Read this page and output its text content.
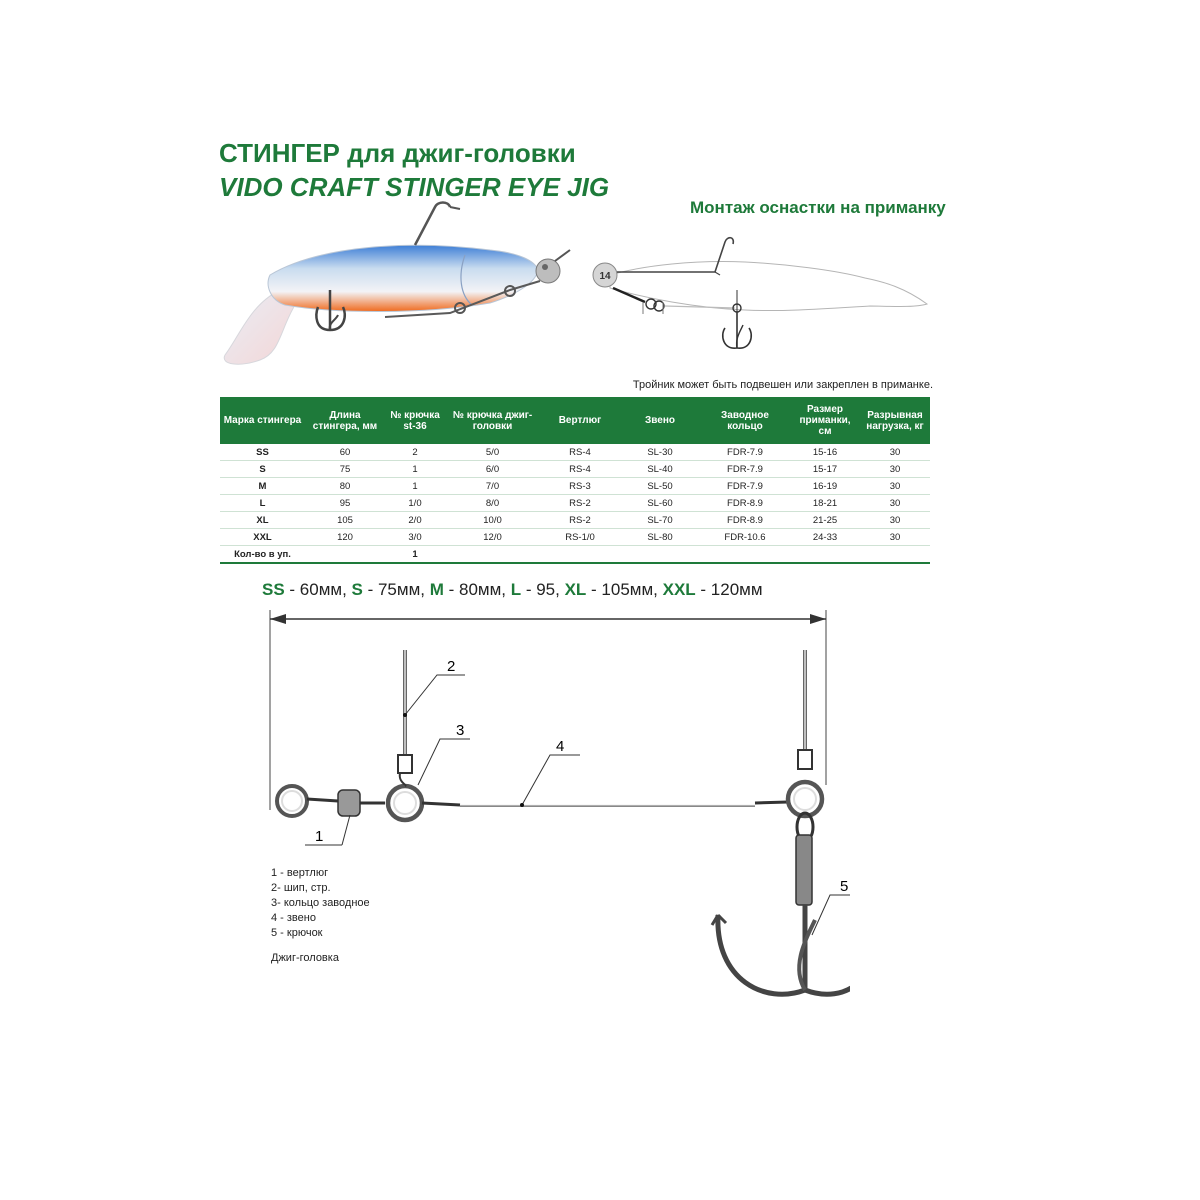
СТИНГЕР для джиг-головки
VIDO CRAFT STINGER EYE JIG
Монтаж оснастки на приманку
14
Тройник может быть подвешен или закреплен в приманке.
Марка стингера	Длина стингера, мм	№ крючка st-36	№ крючка джиг-головки	Вертлюг	Звено	Заводное кольцо	Размер приманки, см	Разрывная нагрузка, кг
SS	60	2	5/0	RS-4	SL-30	FDR-7.9	15-16	30
S	75	1	6/0	RS-4	SL-40	FDR-7.9	15-17	30
M	80	1	7/0	RS-3	SL-50	FDR-7.9	16-19	30
L	95	1/0	8/0	RS-2	SL-60	FDR-8.9	18-21	30
XL	105	2/0	10/0	RS-2	SL-70	FDR-8.9	21-25	30
XXL	120	3/0	12/0	RS-1/0	SL-80	FDR-10.6	24-33	30
Кол-во в уп.		1						
SS - 60мм, S - 75мм, M - 80мм, L - 95, XL - 105мм, XXL - 120мм
1
2
3
4
5
1 - вертлюг
2- шип, стр.
3- кольцо заводное
4 - звено
5 - крючок
Джиг-головка
